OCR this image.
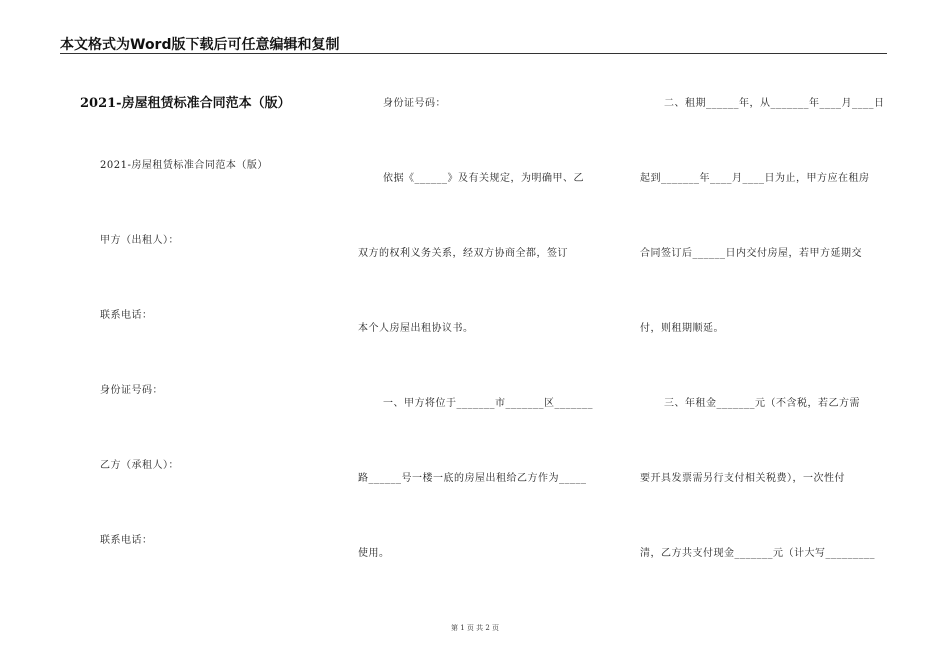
本文格式为Word版下载后可任意编辑和复制
2021-房屋租赁标准合同范本（版）
2021-房屋租赁标准合同范本（版）
甲方（出租人）：
联系电话：
身份证号码：
乙方（承租人）：
联系电话：
身份证号码：
依据《______》及有关规定，为明确甲、乙
双方的权利义务关系，经双方协商全都，签订
本个人房屋出租协议书。
一、甲方将位于_______市_______区_______
路______号一楼一底的房屋出租给乙方作为_____
使用。
二、租期______年，从_______年____月____日
起到_______年____月____日为止，甲方应在租房
合同签订后______日内交付房屋，若甲方延期交
付，则租期顺延。
三、年租金_______元（不含税，若乙方需
要开具发票需另行支付相关税费），一次性付
清，乙方共支付现金_______元（计大写_________
第 1 页 共 2 页
